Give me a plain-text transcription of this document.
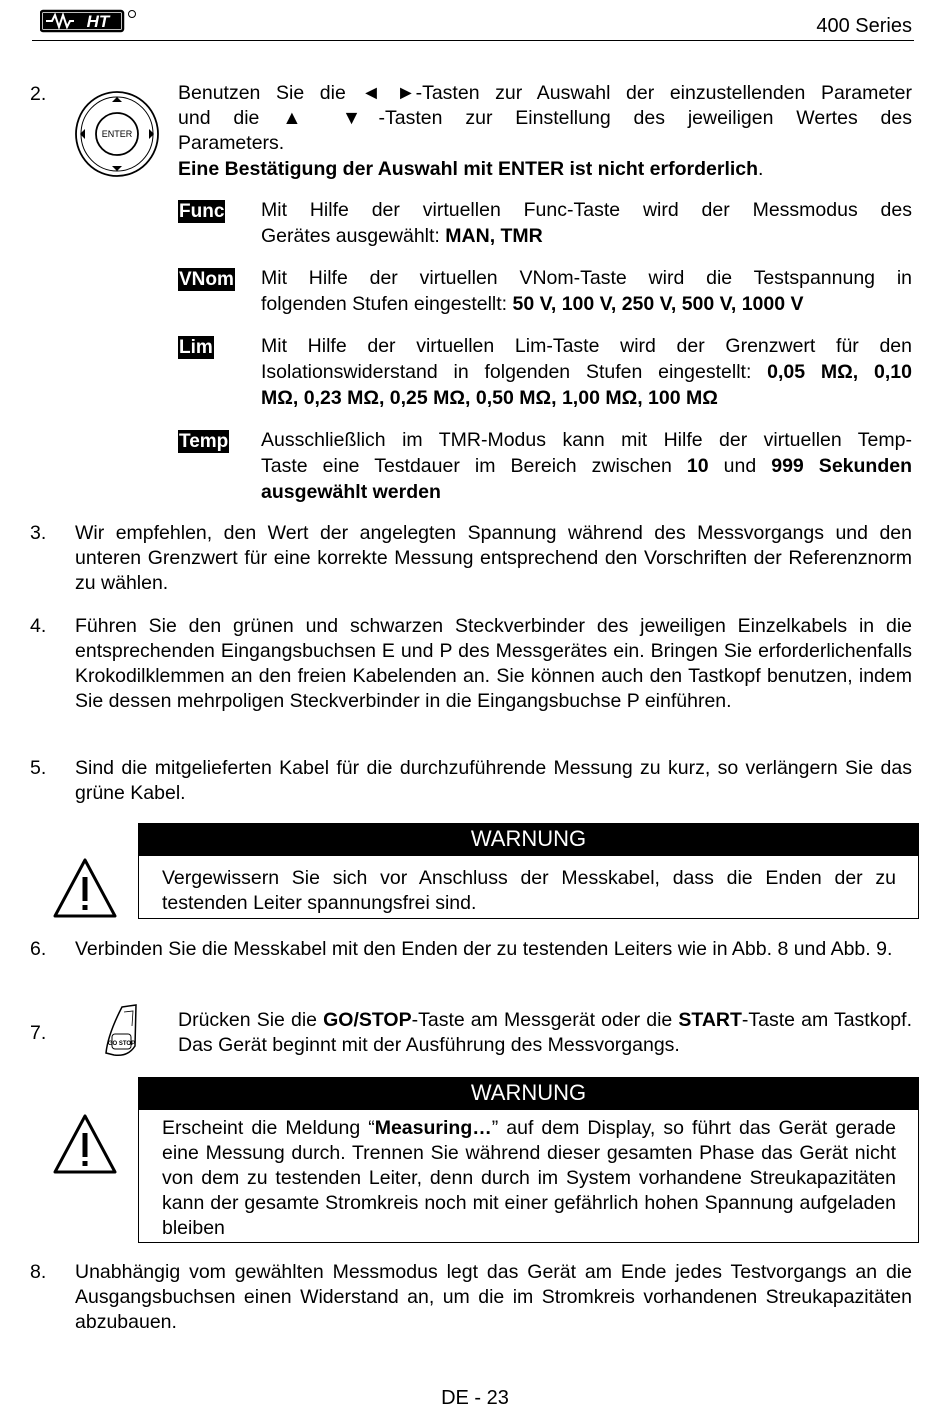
HT	400 Series
2.
ENTER
Benutzen Sie die ◄ ►-Tasten zur Auswahl der einzustellenden Parameter
und die ▲ ▼-Tasten zur Einstellung des jeweiligen Wertes des
Parameters.
Eine Bestätigung der Auswahl mit ENTER ist nicht erforderlich.
Func Mit Hilfe der virtuellen Func-Taste wird der Messmodus des
Gerätes ausgewählt: MAN, TMR
VNom Mit Hilfe der virtuellen VNom-Taste wird die Testspannung in
folgenden Stufen eingestellt: 50 V, 100 V, 250 V, 500 V, 1000 V
Lim Mit Hilfe der virtuellen Lim-Taste wird der Grenzwert für den
Isolationswiderstand in folgenden Stufen eingestellt: 0,05 MΩ, 0,10
MΩ, 0,23 MΩ, 0,25 MΩ, 0,50 MΩ, 1,00 MΩ, 100 MΩ
Temp Ausschließlich im TMR-Modus kann mit Hilfe der virtuellen Temp-
Taste eine Testdauer im Bereich zwischen 10 und 999 Sekunden
ausgewählt werden
3. Wir empfehlen, den Wert der angelegten Spannung während des Messvorgangs und den unteren Grenzwert für eine korrekte Messung entsprechend den Vorschriften der Referenznorm zu wählen.
4. Führen Sie den grünen und schwarzen Steckverbinder des jeweiligen Einzelkabels in die entsprechenden Eingangsbuchsen E und P des Messgerätes ein. Bringen Sie erforderlichenfalls Krokodilklemmen an den freien Kabelenden an. Sie können auch den Tastkopf benutzen, indem Sie dessen mehrpoligen Steckverbinder in die Eingangsbuchse P einführen.
5. Sind die mitgelieferten Kabel für die durchzuführende Messung zu kurz, so verlängern Sie das grüne Kabel.
WARNUNG
Vergewissern Sie sich vor Anschluss der Messkabel, dass die Enden der zu testenden Leiter spannungsfrei sind.
6. Verbinden Sie die Messkabel mit den Enden der zu testenden Leiters wie in Abb. 8 und Abb. 9.
7.	GO STOP
Drücken Sie die GO/STOP-Taste am Messgerät oder die START-Taste am Tastkopf. Das Gerät beginnt mit der Ausführung des Messvorgangs.
WARNUNG
Erscheint die Meldung “Measuring…” auf dem Display, so führt das Gerät gerade eine Messung durch. Trennen Sie während dieser gesamten Phase das Gerät nicht von dem zu testenden Leiter, denn durch im System vorhandene Streukapazitäten kann der gesamte Stromkreis noch mit einer gefährlich hohen Spannung aufgeladen bleiben
8. Unabhängig vom gewählten Messmodus legt das Gerät am Ende jedes Testvorgangs an die Ausgangsbuchsen einen Widerstand an, um die im Stromkreis vorhandenen Streukapazitäten abzubauen.
DE - 23
